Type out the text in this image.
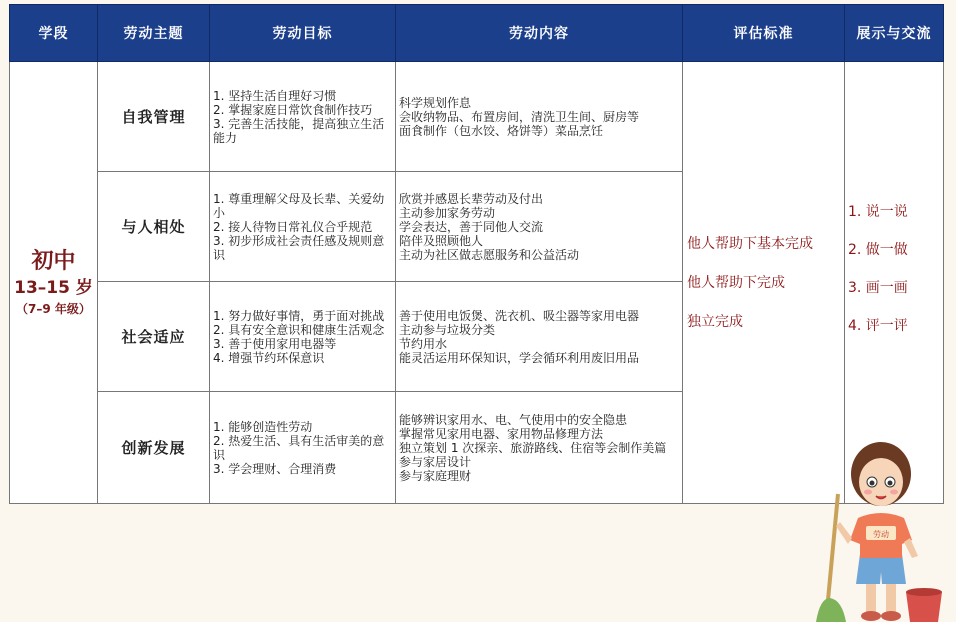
学段	劳动主题	劳动目标	劳动内容	评估标准	展示与交流

初中
13–15 岁
（7–9 年级）	自我管理	1. 坚持生活自理好习惯
2. 掌握家庭日常饮食制作技巧
3. 完善生活技能，提高独立生活能力	科学规划作息
会收纳物品、布置房间，清洗卫生间、厨房等
面食制作（包水饺、烙饼等）菜品烹饪	他人帮助下基本完成
他人帮助下完成
独立完成	1. 说一说
2. 做一做
3. 画一画
4. 评一评

	与人相处	1. 尊重理解父母及长辈、关爱幼小
2. 接人待物日常礼仪合乎规范
3. 初步形成社会责任感及规则意识	欣赏并感恩长辈劳动及付出
主动参加家务劳动
学会表达，善于同他人交流
陪伴及照顾他人
主动为社区做志愿服务和公益活动		

	社会适应	1. 努力做好事情，勇于面对挑战
2. 具有安全意识和健康生活观念
3. 善于使用家用电器等
4. 增强节约环保意识	善于使用电饭煲、洗衣机、吸尘器等家用电器
主动参与垃圾分类
节约用水
能灵活运用环保知识，学会循环利用废旧用品		

	创新发展	1. 能够创造性劳动
2. 热爱生活、具有生活审美的意识
3. 学会理财、合理消费	能够辨识家用水、电、气使用中的安全隐患
掌握常见家用电器、家用物品修理方法
独立策划 1 次探亲、旅游路线、住宿等会制作美篇
参与家居设计
参与家庭理财		
劳动
